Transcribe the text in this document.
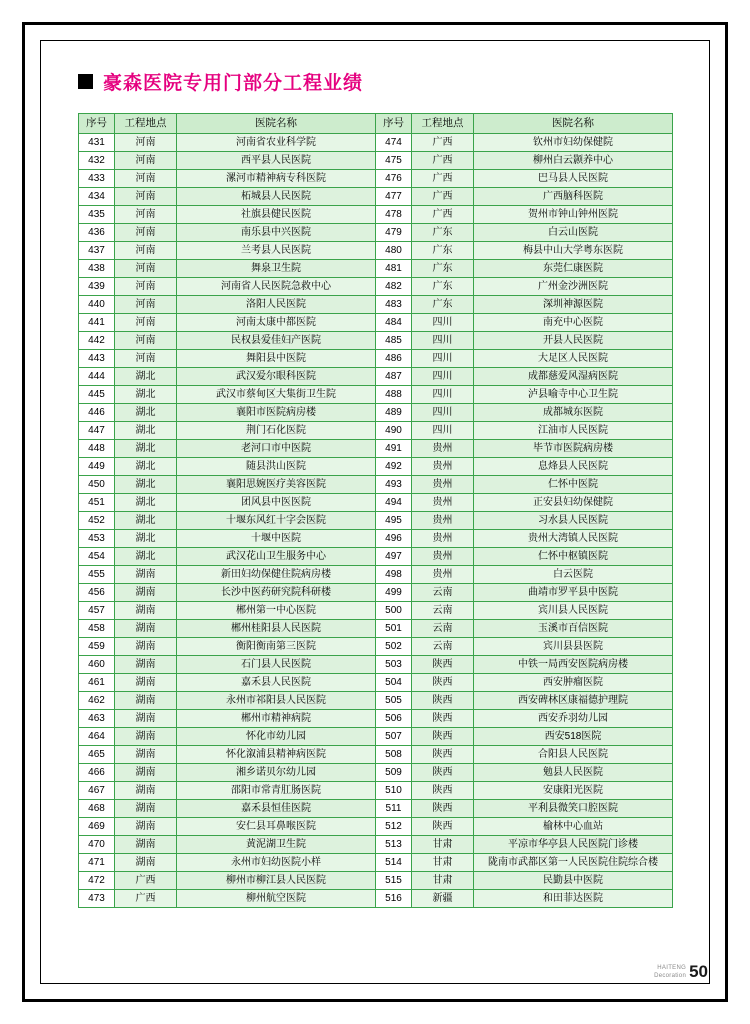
豪森医院专用门部分工程业绩
序号	工程地点	医院名称	序号	工程地点	医院名称
431	河南	河南省农业科学院	474	广西	钦州市妇幼保健院
432	河南	西平县人民医院	475	广西	柳州白云颢养中心
433	河南	漯河市精神病专科医院	476	广西	巴马县人民医院
434	河南	柘城县人民医院	477	广西	广西脑科医院
435	河南	社旗县健民医院	478	广西	贺州市钟山钟州医院
436	河南	南乐县中兴医院	479	广东	白云山医院
437	河南	兰考县人民医院	480	广东	梅县中山大学粤东医院
438	河南	舞泉卫生院	481	广东	东莞仁康医院
439	河南	河南省人民医院急救中心	482	广东	广州金沙洲医院
440	河南	洛阳人民医院	483	广东	深圳神源医院
441	河南	河南太康中都医院	484	四川	南充中心医院
442	河南	民权县爱佳妇产医院	485	四川	开县人民医院
443	河南	舞阳县中医院	486	四川	大足区人民医院
444	湖北	武汉爱尔眼科医院	487	四川	成都慈爱风湿病医院
445	湖北	武汉市蔡甸区大集街卫生院	488	四川	泸县喻寺中心卫生院
446	湖北	襄阳市医院病房楼	489	四川	成都城东医院
447	湖北	荆门石化医院	490	四川	江油市人民医院
448	湖北	老河口市中医院	491	贵州	毕节市医院病房楼
449	湖北	随县洪山医院	492	贵州	息烽县人民医院
450	湖北	襄阳思婉医疗美容医院	493	贵州	仁怀中医院
451	湖北	团风县中医医院	494	贵州	正安县妇幼保健院
452	湖北	十堰东风红十字会医院	495	贵州	习水县人民医院
453	湖北	十堰中医院	496	贵州	贵州大湾镇人民医院
454	湖北	武汉花山卫生服务中心	497	贵州	仁怀中枢镇医院
455	湖南	新田妇幼保健住院病房楼	498	贵州	白云医院
456	湖南	长沙中医药研究院科研楼	499	云南	曲靖市罗平县中医院
457	湖南	郴州第一中心医院	500	云南	宾川县人民医院
458	湖南	郴州桂阳县人民医院	501	云南	玉溪市百信医院
459	湖南	衡阳衡南第三医院	502	云南	宾川县县医院
460	湖南	石门县人民医院	503	陕西	中铁一局西安医院病房楼
461	湖南	嘉禾县人民医院	504	陕西	西安肿瘤医院
462	湖南	永州市祁阳县人民医院	505	陕西	西安碑林区康福德护理院
463	湖南	郴州市精神病院	506	陕西	西安乔羽幼儿园
464	湖南	怀化市幼儿园	507	陕西	西安518医院
465	湖南	怀化溆浦县精神病医院	508	陕西	合阳县人民医院
466	湖南	湘乡诺贝尔幼儿园	509	陕西	勉县人民医院
467	湖南	邵阳市常青肛肠医院	510	陕西	安康阳光医院
468	湖南	嘉禾县恒佳医院	511	陕西	平利县微笑口腔医院
469	湖南	安仁县耳鼻喉医院	512	陕西	榆林中心血站
470	湖南	黄泥湖卫生院	513	甘肃	平凉市华亭县人民医院门诊楼
471	湖南	永州市妇幼医院小样	514	甘肃	陇南市武都区第一人民医院住院综合楼
472	广西	柳州市柳江县人民医院	515	甘肃	民勤县中医院
473	广西	柳州航空医院	516	新疆	和田菲达医院
HAITENG
Decoration 50
